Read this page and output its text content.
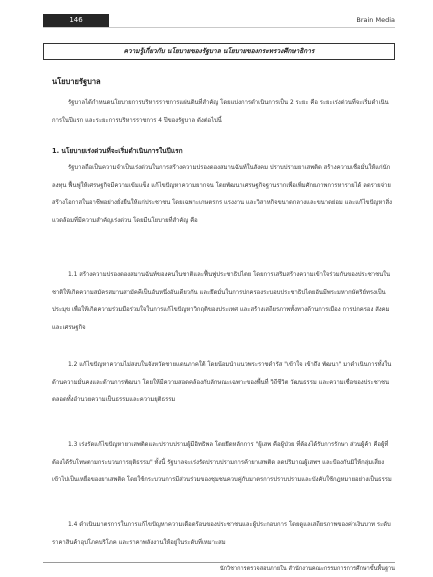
146	Brain Media
ความรู้เกี่ยวกับ นโยบายของรัฐบาล นโยบายของกระทรวงศึกษาธิการ
นโยบายรัฐบาล
รัฐบาลได้กำหนดนโยบายการบริหารราชการแผ่นดินที่สำคัญ โดยแบ่งการดำเนินการเป็น 2 ระยะ คือ ระยะเร่งด่วนที่จะเริ่มดำเนินการในปีแรก และระยะการบริหารราชการ 4 ปีของรัฐบาล ดังต่อไปนี้
1. นโยบายเร่งด่วนที่จะเริ่มดำเนินการในปีแรก
รัฐบาลถือเป็นความจำเป็นเร่งด่วนในการสร้างความปรองดองสมานฉันท์ในสังคม ปราบปรามยาเสพติด สร้างความเชื่อมั่นให้แก่นักลงทุน ฟื้นฟูให้เศรษฐกิจมีความเข้มแข็ง แก้ไขปัญหาความยากจน โดยพัฒนาเศรษฐกิจฐานรากเพื่อเพิ่มศักยภาพการหารายได้ ลดรายจ่าย สร้างโอกาสในอาชีพอย่างยั่งยืนให้แก่ประชาชน โดยเฉพาะเกษตรกร แรงงาน และวิสาหกิจขนาดกลางและขนาดย่อม และแก้ไขปัญหาสิ่งแวดล้อมที่มีความสำคัญเร่งด่วน โดยมีนโยบายที่สำคัญ คือ
1.1 สร้างความปรองดองสมานฉันท์ของคนในชาติและฟื้นฟูประชาธิปไตย โดยการเสริมสร้างความเข้าใจร่วมกันของประชาชนในชาติให้เกิดความสมัครสมานสามัคคีเป็นอันหนึ่งอันเดียวกัน และยึดมั่นในการปกครองระบอบประชาธิปไตยอันมีพระมหากษัตริย์ทรงเป็นประมุข เพื่อให้เกิดความร่วมมือร่วมใจในการแก้ไขปัญหาวิกฤติของประเทศ และสร้างเสถียรภาพทั้งทางด้านการเมือง การปกครอง สังคม และเศรษฐกิจ
1.2 แก้ไขปัญหาความไม่สงบในจังหวัดชายแดนภาคใต้ โดยน้อมนำแนวพระราชดำรัส "เข้าใจ เข้าถึง พัฒนา" มาดำเนินการทั้งในด้านความมั่นคงและด้านการพัฒนา โดยให้มีความสอดคล้องกับลักษณะเฉพาะของพื้นที่ วิถีชีวิต วัฒนธรรม และความเชื่อของประชาชน ตลอดทั้งอำนวยความเป็นธรรมและความยุติธรรม
1.3 เร่งรัดแก้ไขปัญหายาเสพติดและปราบปรามผู้มีอิทธิพล โดยยึดหลักการ "ผู้เสพ คือผู้ป่วย ที่ต้องได้รับการรักษา ส่วนผู้ค้า คือผู้ที่ต้องได้รับโทษตามกระบวนการยุติธรรม" ทั้งนี้ รัฐบาลจะเร่งรัดปราบปรามการค้ายาเสพติด ลดปริมาณผู้เสพฯ และป้องกันมิให้กลุ่มเสี่ยงเข้าไปเป็นเหยื่อของยาเสพติด โดยใช้กระบวนการมีส่วนร่วมของชุมชนควบคู่กับมาตรการปราบปรามและบังคับใช้กฎหมายอย่างเป็นธรรม
1.4 ดำเนินมาตรการในการแก้ไขปัญหาความเดือดร้อนของประชาชนและผู้ประกอบการ โดยดูแลเสถียรภาพของค่าเงินบาท ระดับราคาสินค้าอุปโภคบริโภค และราคาพลังงานให้อยู่ในระดับที่เหมาะสม
นักวิชาการตรวจสอบภายใน สำนักงานคณะกรรมการการศึกษาขั้นพื้นฐาน
